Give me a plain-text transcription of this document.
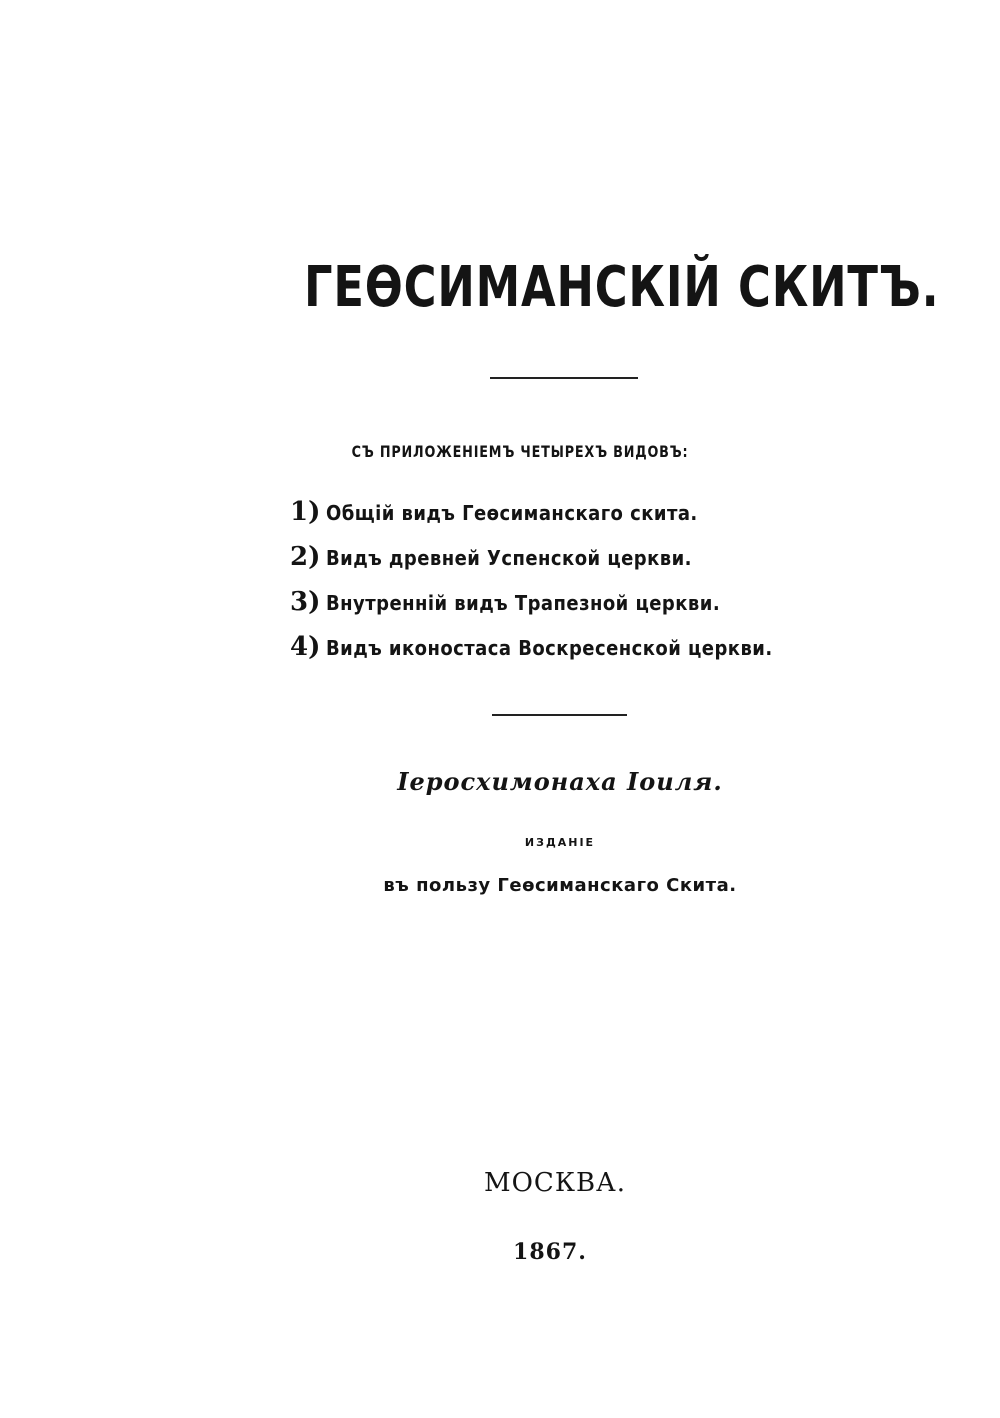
ГЕѲСИМАНСКІЙ СКИТЪ.
СЪ ПРИЛОЖЕНІЕМЪ ЧЕТЫРЕХЪ ВИДОВЪ:
1) Общій видъ Геѳсиманскаго скита.
2) Видъ древней Успенской церкви.
3) Внутренній видъ Трапезной церкви.
4) Видъ иконостаса Воскресенской церкви.
Іеросхимонаха Іоиля.
ИЗДАНІЕ
въ пользу Геѳсиманскаго Скита.
МОСКВА.
1867.
